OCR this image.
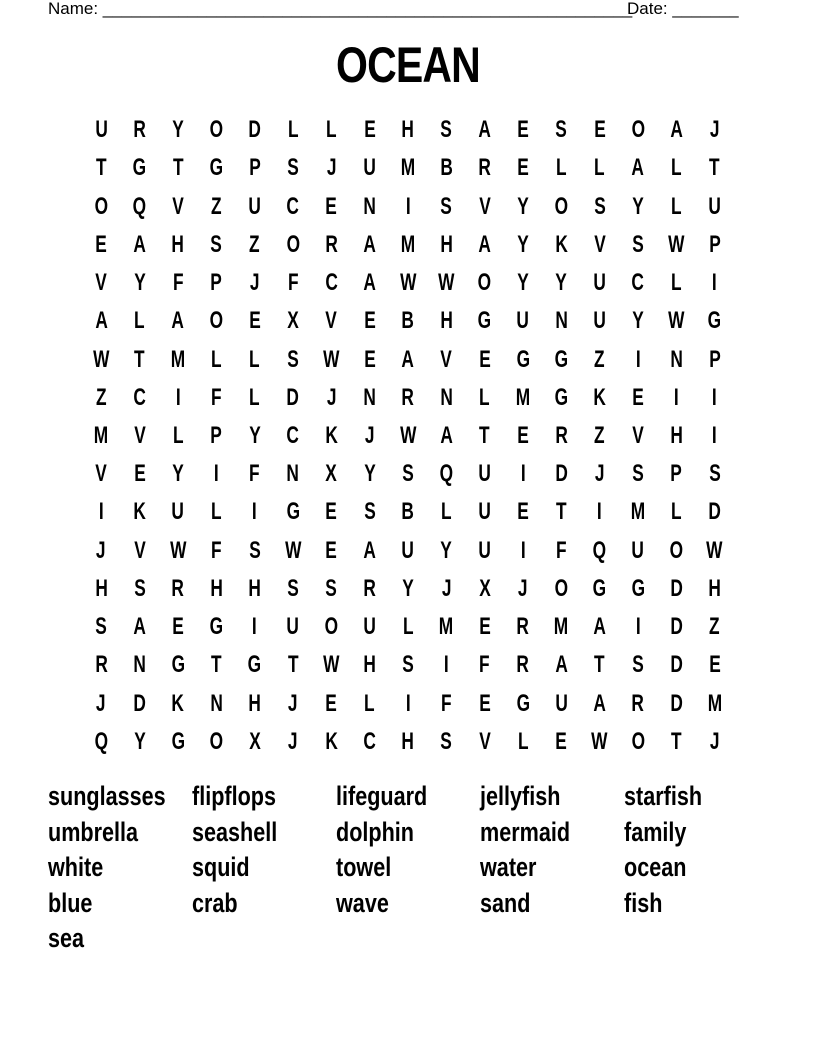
Name: ________________________________________________________
Date: _______
OCEAN
U R Y O D L L E H S A E S E O A J
T G T G P S J U M B R E L L A L T
O Q V Z U C E N I S V Y O S Y L U
E A H S Z O R A M H A Y K V S W P
V Y F P J F C A W W O Y Y U C L I
A L A O E X V E B H G U N U Y W G
W T M L L S W E A V E G G Z I N P
Z C I F L D J N R N L M G K E I I
M V L P Y C K J W A T E R Z V H I
V E Y I F N X Y S Q U I D J S P S
I K U L I G E S B L U E T I M L D
J V W F S W E A U Y U I F Q U O W
H S R H H S S R Y J X J O G G D H
S A E G I U O U L M E R M A I D Z
R N G T G T W H S I F R A T S D E
J D K N H J E L I F E G U A R D M
Q Y G O X J K C H S V L E W O T J
sunglasses flipflops	lifeguard	jellyfish	starfish
umbrella	seashell	dolphin	mermaid	family
white	squid	towel	water	ocean
blue	crab	wave	sand	fish
sea
